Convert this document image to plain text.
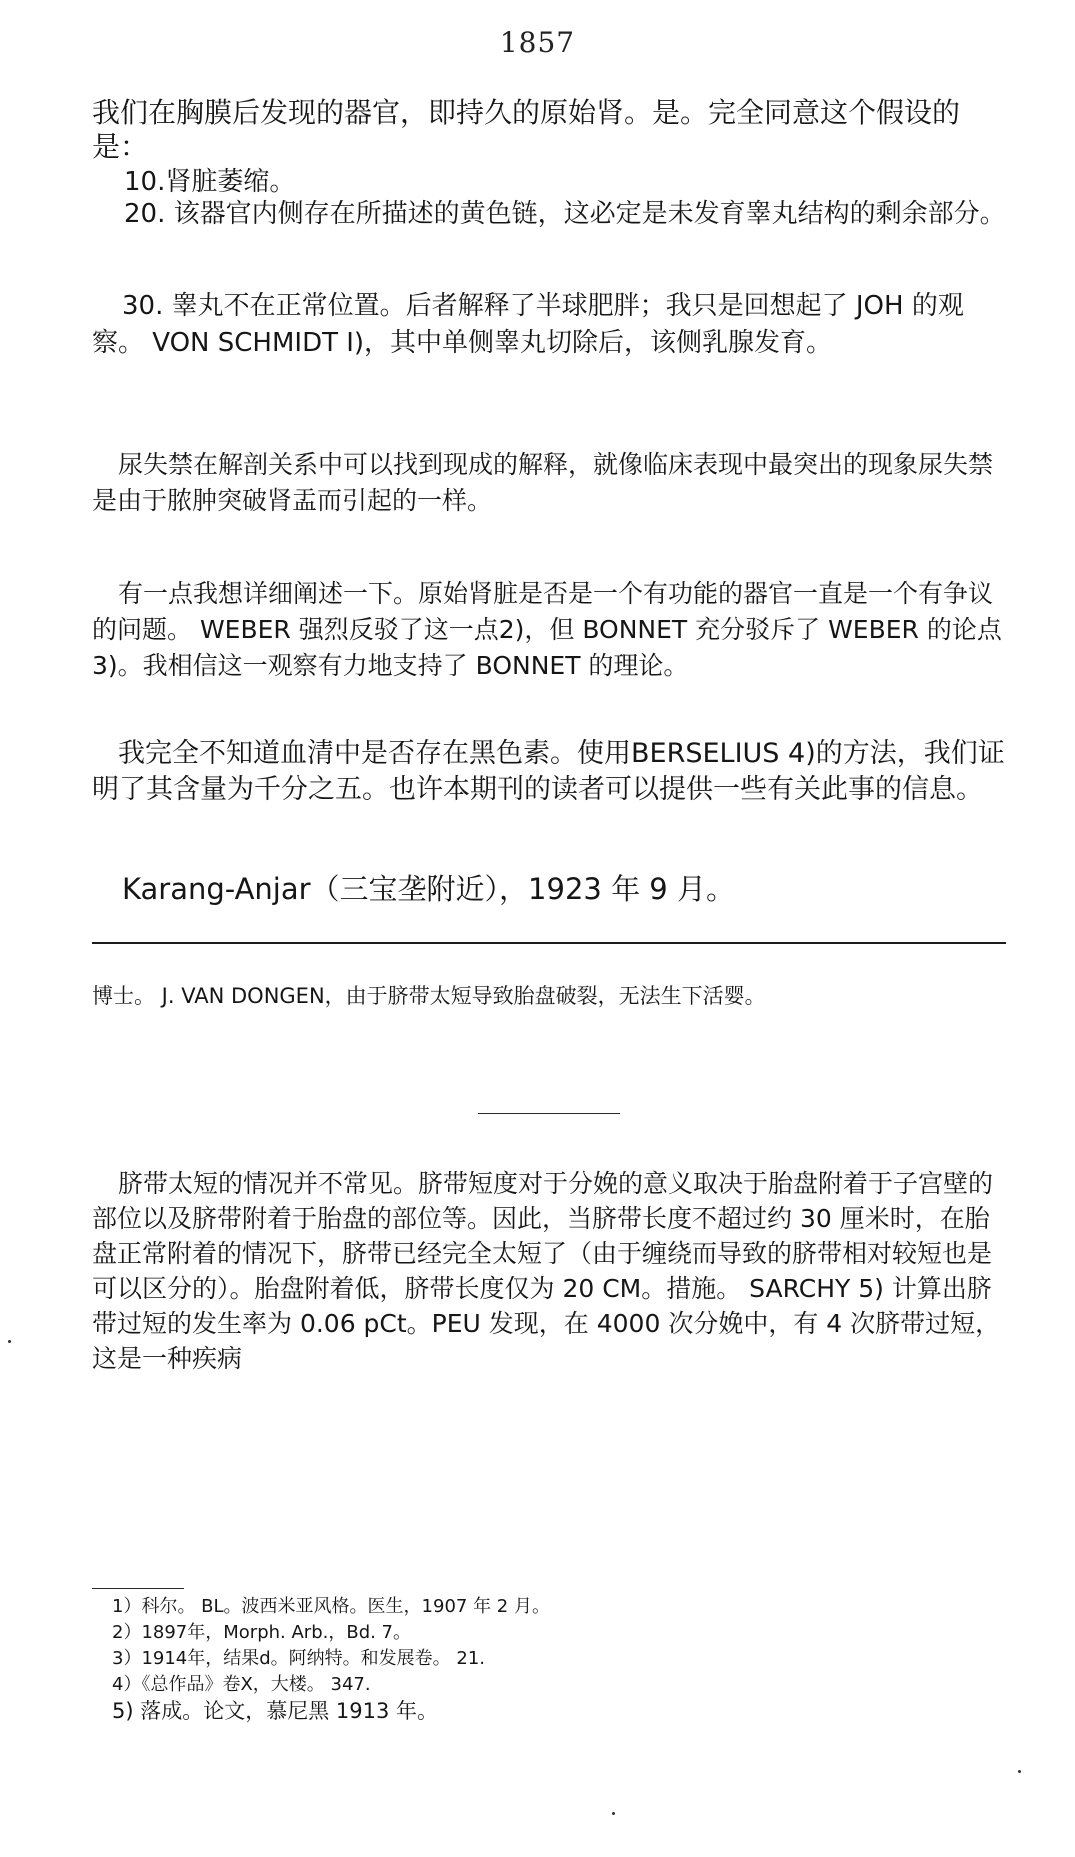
1857

我们在胸膜后发现的器官，即持久的原始肾。是。完全同意这个假设的是：

10.肾脏萎缩。

20. 该器官内侧存在所描述的黄色链，这必定是未发育睾丸结构的剩余部分。

30. 睾丸不在正常位置。后者解释了半球肥胖；我只是回想起了 JOH 的观察。 VON SCHMIDT I)，其中单侧睾丸切除后，该侧乳腺发育。

尿失禁在解剖关系中可以找到现成的解释，就像临床表现中最突出的现象尿失禁是由于脓肿突破肾盂而引起的一样。

有一点我想详细阐述一下。原始肾脏是否是一个有功能的器官一直是一个有争议的问题。 WEBER 强烈反驳了这一点2)，但 BONNET 充分驳斥了 WEBER 的论点3)。我相信这一观察有力地支持了 BONNET 的理论。

我完全不知道血清中是否存在黑色素。使用BERSELIUS 4)的方法，我们证明了其含量为千分之五。也许本期刊的读者可以提供一些有关此事的信息。

Karang-Anjar（三宝垄附近），1923 年 9 月。

博士。 J. VAN DONGEN，由于脐带太短导致胎盘破裂，无法生下活婴。

脐带太短的情况并不常见。脐带短度对于分娩的意义取决于胎盘附着于子宫壁的部位以及脐带附着于胎盘的部位等。因此，当脐带长度不超过约 30 厘米时，在胎盘正常附着的情况下，脐带已经完全太短了（由于缠绕而导致的脐带相对较短也是可以区分的）。胎盘附着低，脐带长度仅为 20 CM。措施。 SARCHY 5) 计算出脐带过短的发生率为 0.06 pCt。PEU 发现，在 4000 次分娩中，有 4 次脐带过短，这是一种疾病

1）科尔。 BL。波西米亚风格。医生，1907 年 2 月。
2）1897年，Morph. Arb.，Bd. 7。
3）1914年，结果d。阿纳特。和发展卷。 21.
4）《总作品》卷X，大楼。 347.
5) 落成。论文，慕尼黑 1913 年。
